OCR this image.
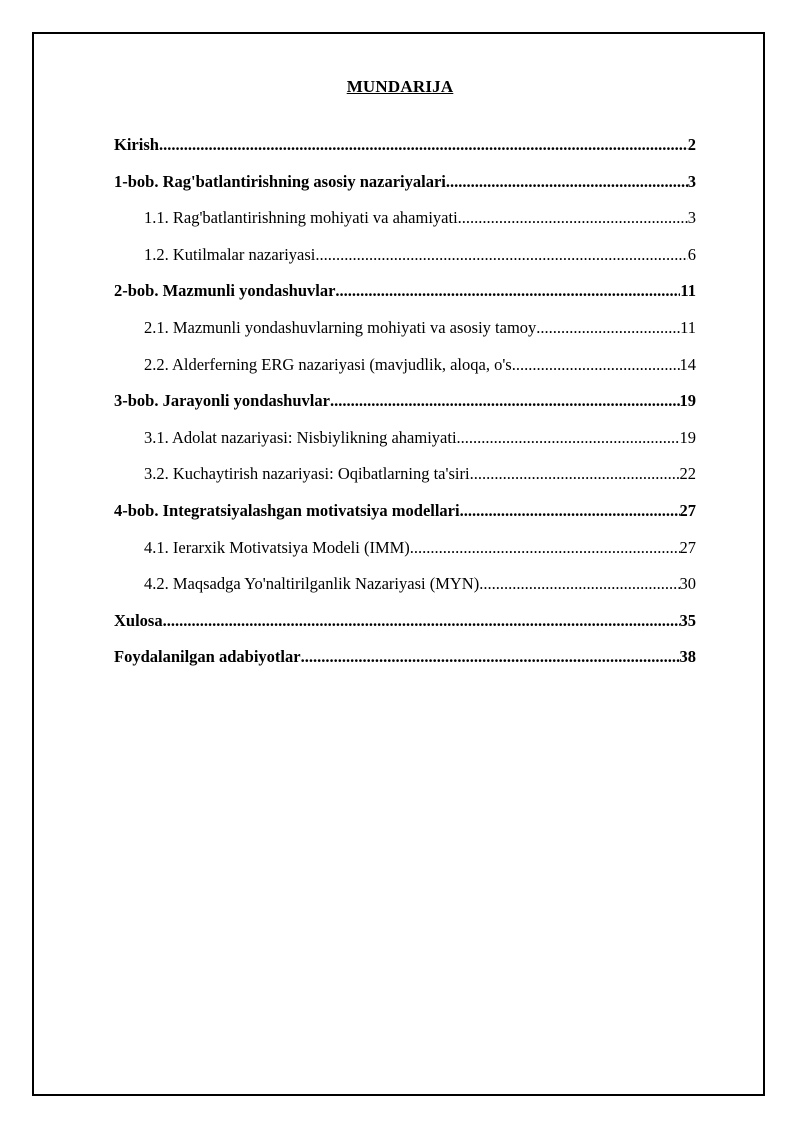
MUNDARIJA
Kirish .....	2
1-bob. Rag'batlantirishning asosiy nazariyalari .....	3
1.1. Rag'batlantirishning mohiyati va ahamiyati .....	3
1.2. Kutilmalar nazariyasi .....	6
2-bob. Mazmunli yondashuvlar .....	11
2.1. Mazmunli yondashuvlarning mohiyati va asosiy tamoy .....	11
2.2. Alderferning ERG nazariyasi (mavjudlik, aloqa, o's .....	14
3-bob. Jarayonli yondashuvlar .....	19
3.1. Adolat nazariyasi: Nisbiylikning ahamiyati .....	19
3.2. Kuchaytirish nazariyasi: Oqibatlarning ta'siri .....	22
4-bob. Integratsiyalashgan motivatsiya modellari .....	27
4.1. Ierarxik Motivatsiya Modeli (IMM) .....	27
4.2. Maqsadga Yo'naltirilganlik Nazariyasi (MYN) .....	30
Xulosa .....	35
Foydalanilgan adabiyotlar .....	38
